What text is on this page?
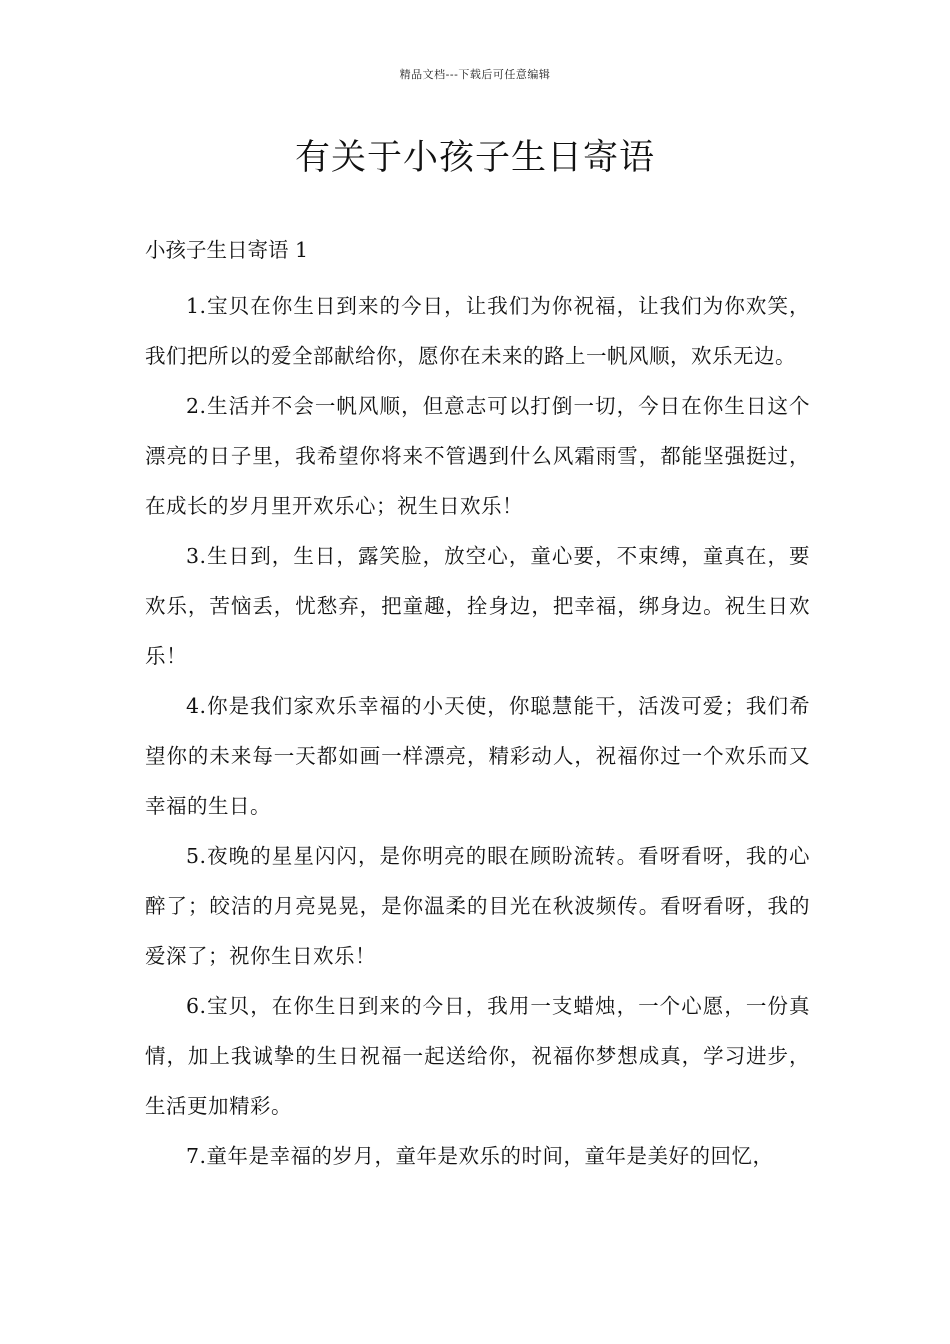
精品文档---下载后可任意编辑
有关于小孩子生日寄语

小孩子生日寄语 1

1.宝贝在你生日到来的今日，让我们为你祝福，让我们为你欢笑，我们把所以的爱全部献给你，愿你在未来的路上一帆风顺，欢乐无边。

2.生活并不会一帆风顺，但意志可以打倒一切，今日在你生日这个漂亮的日子里，我希望你将来不管遇到什么风霜雨雪，都能坚强挺过，在成长的岁月里开欢乐心；祝生日欢乐！

3.生日到，生日，露笑脸，放空心，童心要，不束缚，童真在，要欢乐，苦恼丢，忧愁弃，把童趣，拴身边，把幸福，绑身边。祝生日欢乐！

4.你是我们家欢乐幸福的小天使，你聪慧能干，活泼可爱；我们希望你的未来每一天都如画一样漂亮，精彩动人，祝福你过一个欢乐而又幸福的生日。

5.夜晚的星星闪闪，是你明亮的眼在顾盼流转。看呀看呀，我的心醉了；皎洁的月亮晃晃，是你温柔的目光在秋波频传。看呀看呀，我的爱深了；祝你生日欢乐！

6.宝贝，在你生日到来的今日，我用一支蜡烛，一个心愿，一份真情，加上我诚挚的生日祝福一起送给你，祝福你梦想成真，学习进步，生活更加精彩。

7.童年是幸福的岁月，童年是欢乐的时间，童年是美好的回忆，
